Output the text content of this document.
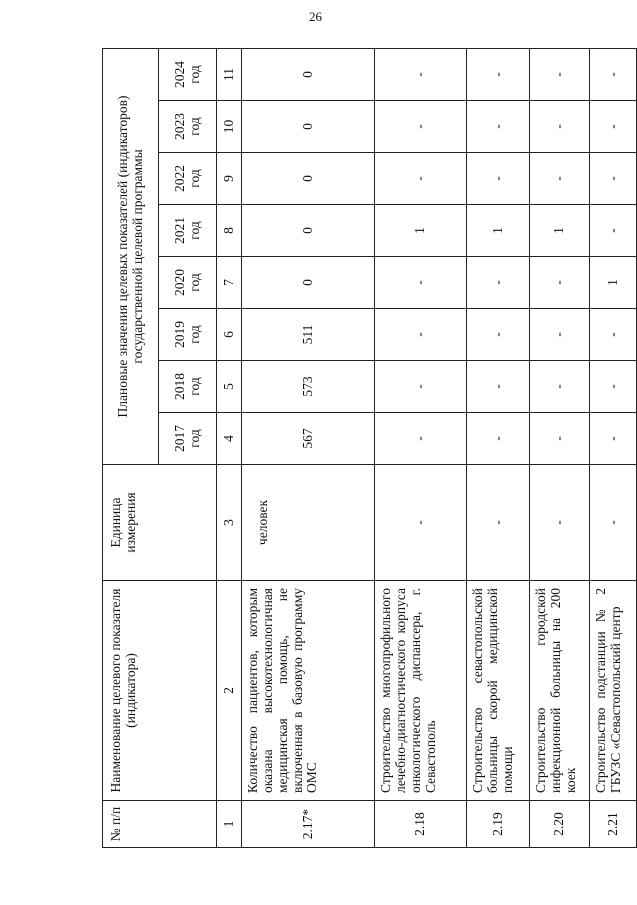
26
№ п/п	Наименование целевого показателя (индикатора)	Единица измерения	Плановые значения целевых показателей (индикаторов) государственной целевой программы							
			2017 год	2018 год	2019 год	2020 год	2021 год	2022 год	2023 год	2024 год
1	2	3	4	5	6	7	8	9	10	11
2.17*	Количество пациентов, которым оказана высокотехнологичная медицинская помощь, не включенная в базовую программу ОМС	человек	567	573	511	0	0	0	0	0
2.18	Строительство многопрофильного лечебно-диагностического корпуса онкологического диспансера, г. Севастополь	-	-	-	-	-	1	-	-	-
2.19	Строительство севастопольской больницы скорой медицинской помощи	-	-	-	-	-	1	-	-	-
2.20	Строительство городской инфекционной больницы на 200 коек	-	-	-	-	-	1	-	-	-
2.21	Строительство подстанции № 2 ГБУЗС «Севастопольский центр	-	-	-	-	1	-	-	-	-
